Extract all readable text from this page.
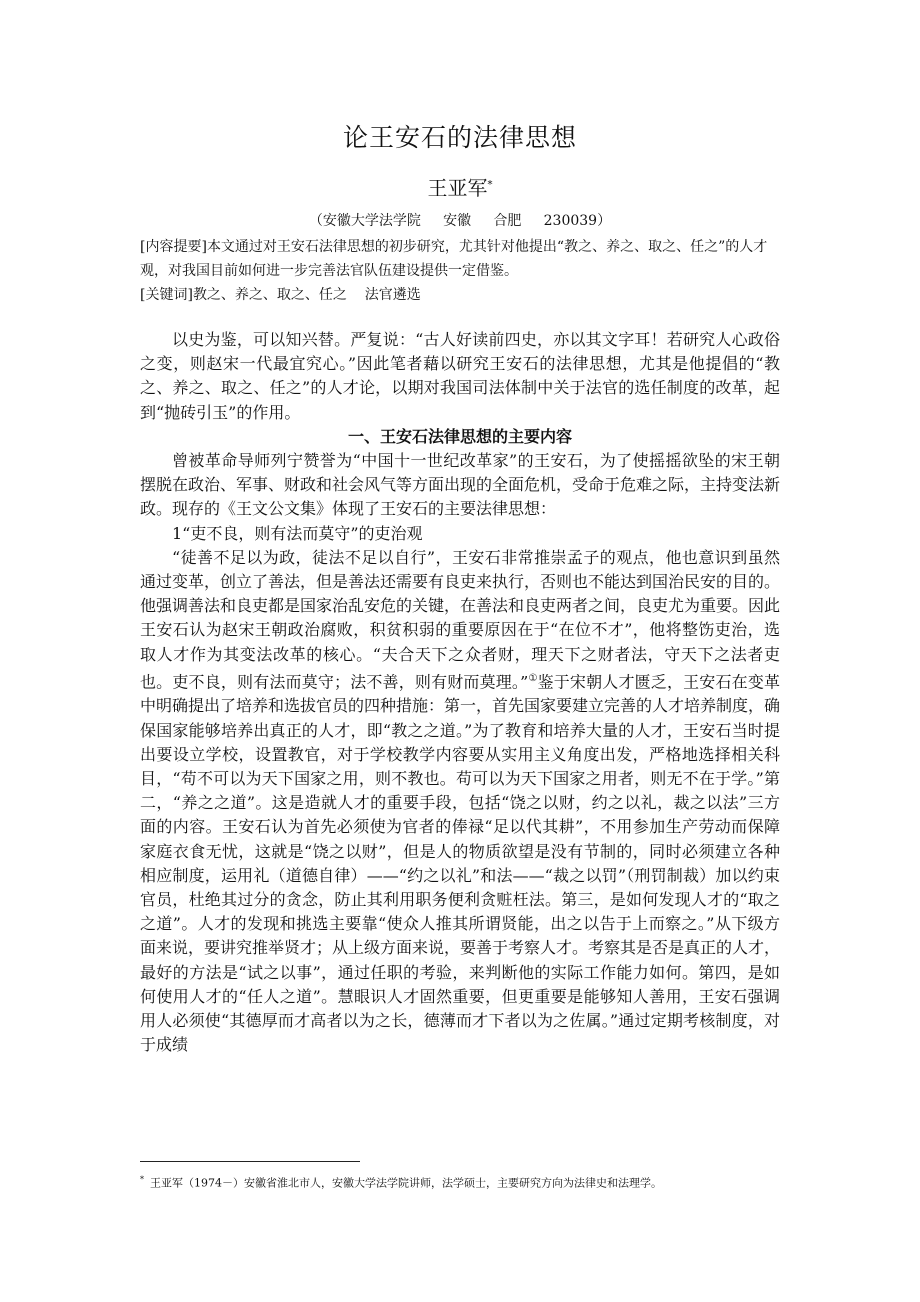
论王安石的法律思想
王亚军*
（安徽大学法学院     安徽     合肥     230039）
[内容提要]本文通过对王安石法律思想的初步研究，尤其针对他提出“教之、养之、取之、任之”的人才观，对我国目前如何进一步完善法官队伍建设提供一定借鉴。
[关键词]教之、养之、取之、任之    法官遴选

以史为鉴，可以知兴替。严复说：“古人好读前四史，亦以其文字耳！若研究人心政俗之变，则赵宋一代最宜究心。”因此笔者藉以研究王安石的法律思想，尤其是他提倡的“教之、养之、取之、任之”的人才论，以期对我国司法体制中关于法官的选任制度的改革，起到“抛砖引玉”的作用。

一、王安石法律思想的主要内容

曾被革命导师列宁赞誉为“中国十一世纪改革家”的王安石，为了使摇摇欲坠的宋王朝摆脱在政治、军事、财政和社会风气等方面出现的全面危机，受命于危难之际，主持变法新政。现存的《王文公文集》体现了王安石的主要法律思想：

1“吏不良，则有法而莫守”的吏治观

“徒善不足以为政，徒法不足以自行”，王安石非常推崇孟子的观点，他也意识到虽然通过变革，创立了善法，但是善法还需要有良吏来执行，否则也不能达到国治民安的目的。他强调善法和良吏都是国家治乱安危的关键，在善法和良吏两者之间，良吏尤为重要。因此王安石认为赵宋王朝政治腐败，积贫积弱的重要原因在于“在位不才”，他将整饬吏治，选取人才作为其变法改革的核心。“夫合天下之众者财，理天下之财者法，守天下之法者吏也。吏不良，则有法而莫守；法不善，则有财而莫理。”①鉴于宋朝人才匮乏，王安石在变革中明确提出了培养和选拔官员的四种措施：第一，首先国家要建立完善的人才培养制度，确保国家能够培养出真正的人才，即“教之之道。”为了教育和培养大量的人才，王安石当时提出要设立学校，设置教官，对于学校教学内容要从实用主义角度出发，严格地选择相关科目，“苟不可以为天下国家之用，则不教也。苟可以为天下国家之用者，则无不在于学。”第二，“养之之道”。这是造就人才的重要手段，包括“饶之以财，约之以礼，裁之以法”三方面的内容。王安石认为首先必须使为官者的俸禄“足以代其耕”，不用参加生产劳动而保障家庭衣食无忧，这就是“饶之以财”，但是人的物质欲望是没有节制的，同时必须建立各种相应制度，运用礼（道德自律）——“约之以礼”和法——“裁之以罚”（刑罚制裁）加以约束官员，杜绝其过分的贪念，防止其利用职务便利贪赃枉法。第三，是如何发现人才的“取之之道”。人才的发现和挑选主要靠“使众人推其所谓贤能，出之以告于上而察之。”从下级方面来说，要讲究推举贤才；从上级方面来说，要善于考察人才。考察其是否是真正的人才，最好的方法是“试之以事”，通过任职的考验，来判断他的实际工作能力如何。第四，是如何使用人才的“任人之道”。慧眼识人才固然重要，但更重要是能够知人善用，王安石强调用人必须使“其德厚而才高者以为之长，德薄而才下者以为之佐属。”通过定期考核制度，对于成绩

* 王亚军（1974－）安徽省淮北市人，安徽大学法学院讲师，法学硕士，主要研究方向为法律史和法理学。
